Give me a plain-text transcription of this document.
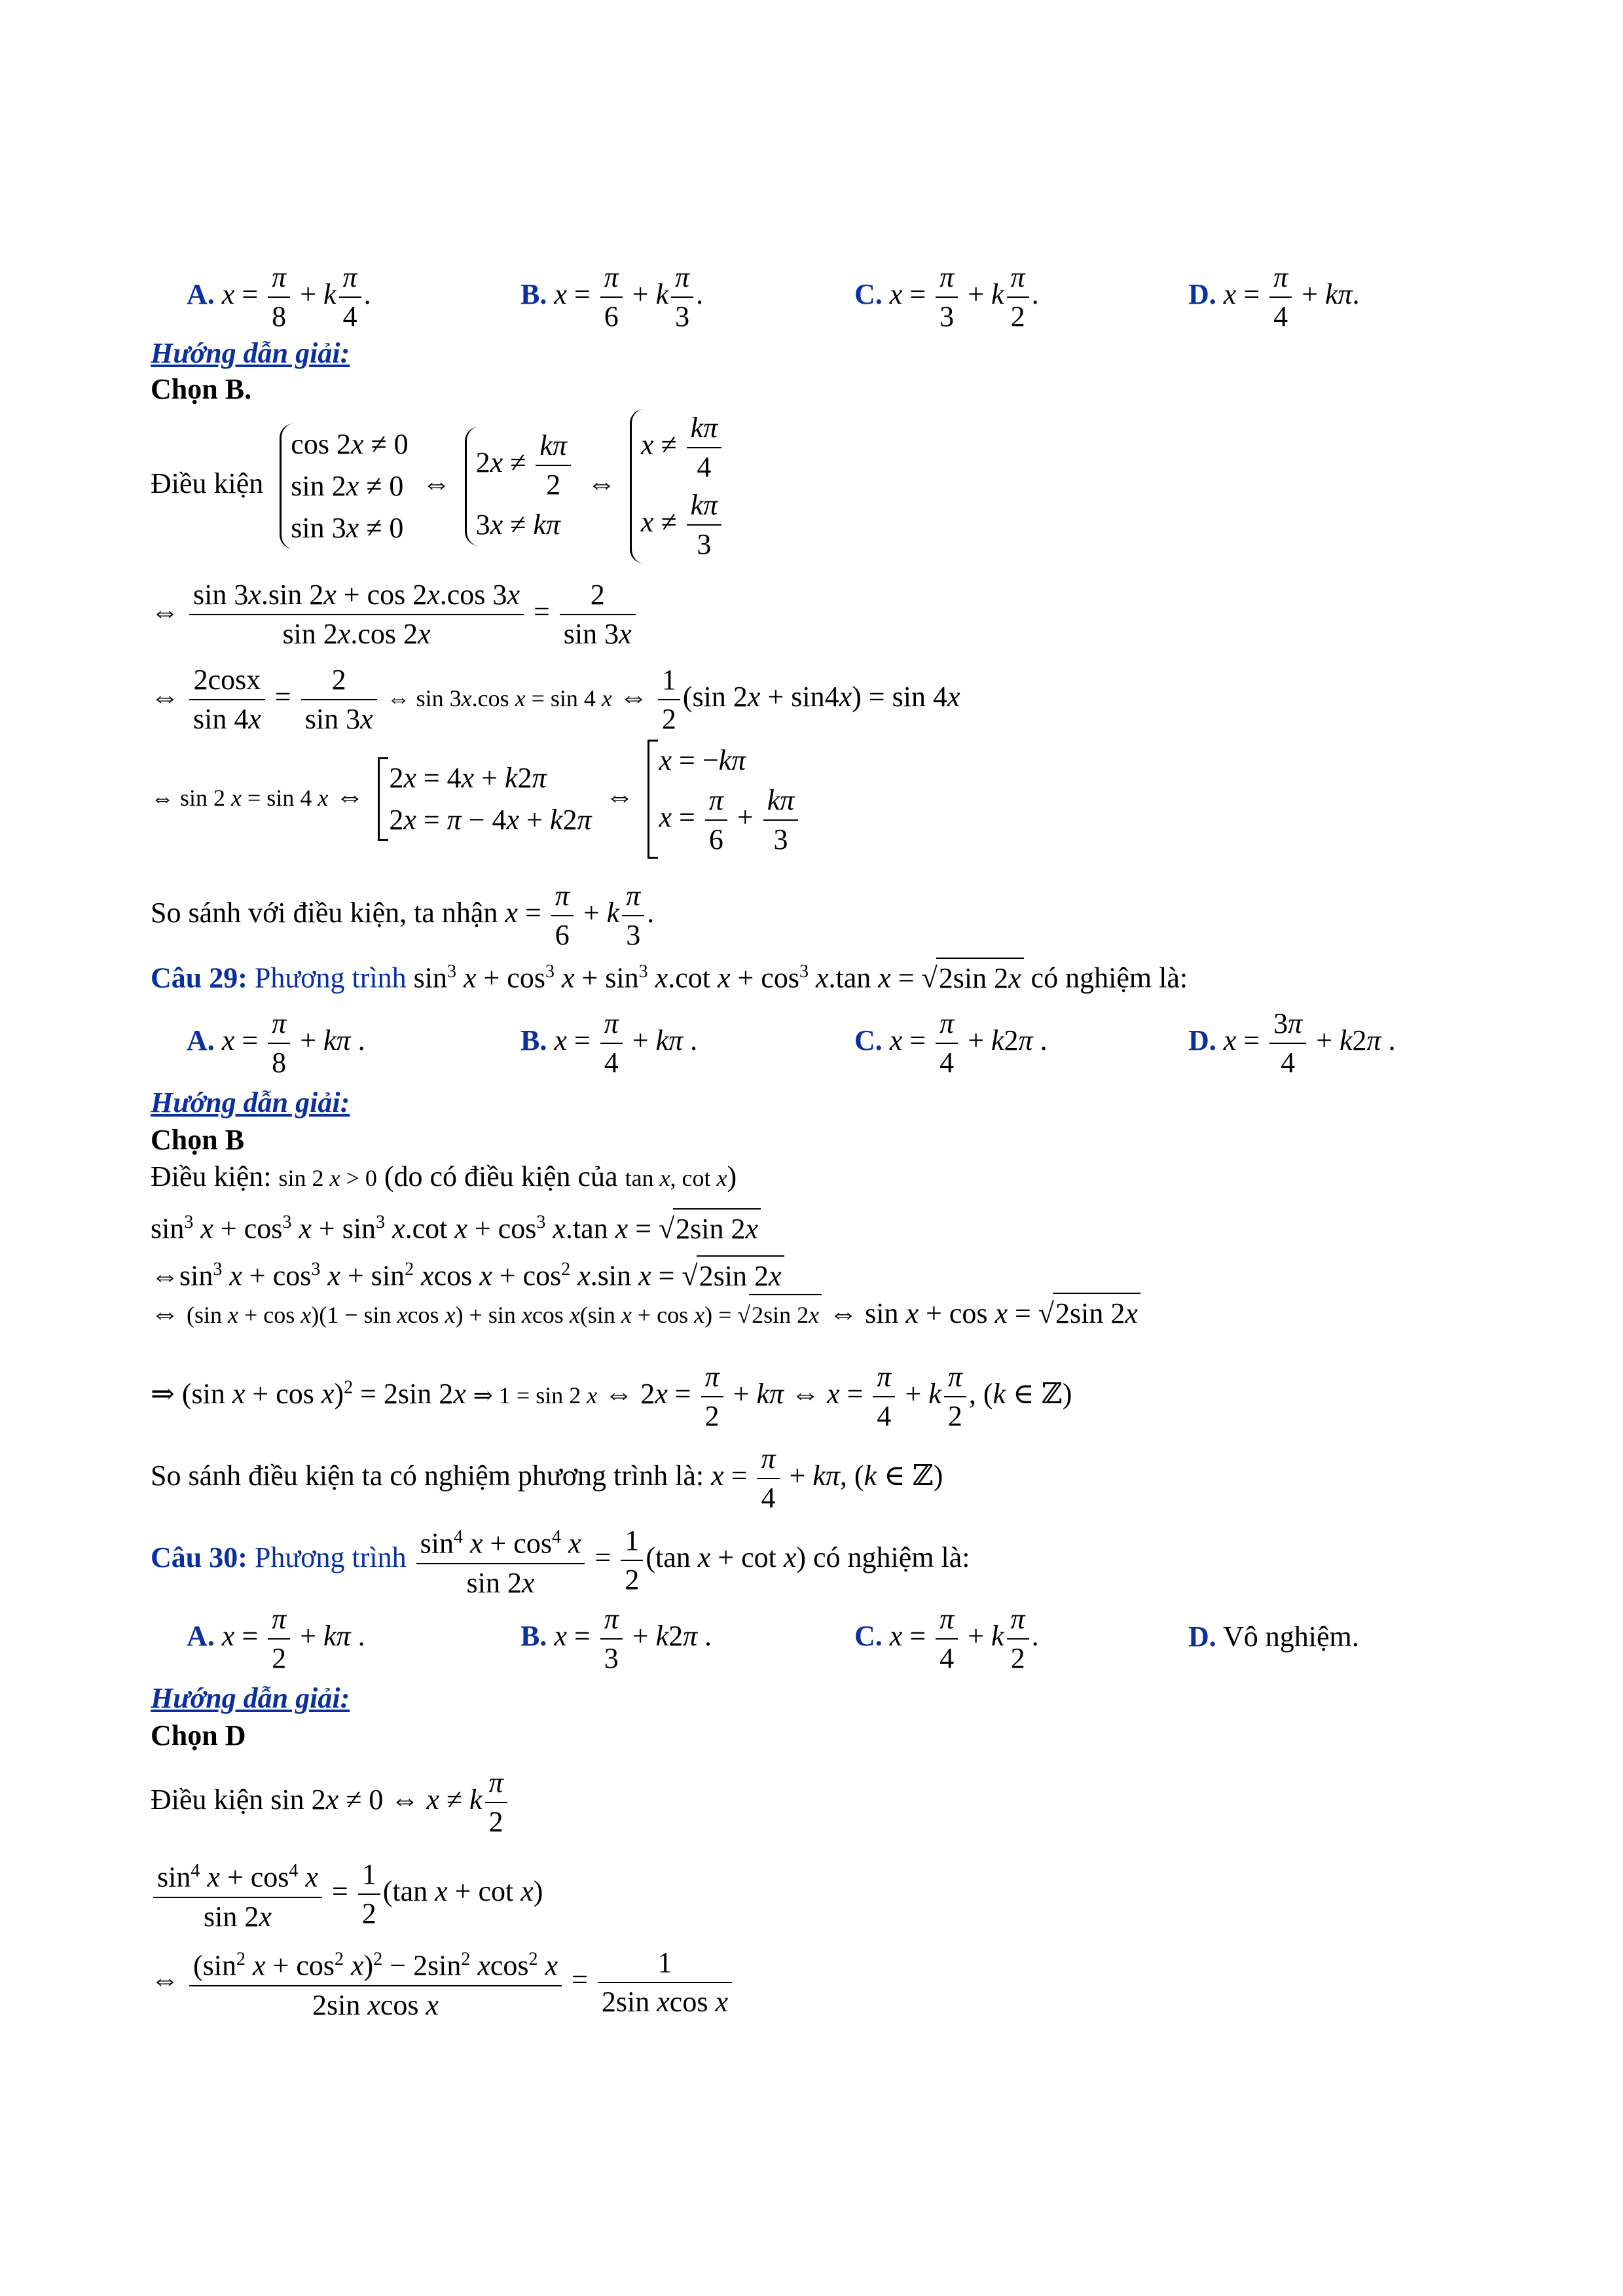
A. $x = \frac{\pi}{8} + k \frac{\pi}{4}$ .	B. $x = \frac{\pi}{6} + k \frac{\pi}{3}$ .	C. $x = \frac{\pi}{3} + k \frac{\pi}{2}$ .	D. $x = \frac{\pi}{4} + k\pi$.
Hướng dẫn giải:
Chọn B.
Điều kiện
cos 2x ≠ 0
sin 2x ≠ 0
sin 3x ≠ 0
⇔
$2x \ne \frac{k\pi}{2}$
3x ≠ kπ
⇔
$x \ne \frac{k\pi}{4}$
$x \ne \frac{k\pi}{3}$
⇔ $\frac{\sin 3x.\sin 2x + \cos 2x.\cos 3x}{\sin 2x.\cos 2x} = \frac{2}{\sin 3x}$
⇔ $\frac{2\cos x}{\sin 4x} = \frac{2}{\sin 3x}$ ⇔ sin 3x.cos x = sin 4 x ⇔ $\frac{1}{2} (\sin$ 2x + sin4x) = sin 4x
⇔ sin 2 x = sin 4 x ⇔
2x = 4x + k2π
2x = π − 4x + k2π
⇔
x = −kπ
$x = \frac{\pi}{6} + \frac{k\pi}{3}$
So sánh với điều kiện, ta nhận $x = \frac{\pi}{6} + k \frac{\pi}{3}$ .
Câu 29: Phương trình $\sin^3 x + \cos^3 x + \sin^3 x.\cot$ $x + \cos^3 x.\tan$ x = √2sin 2x có nghiệm là:
A. $x = \frac{\pi}{8} + k\pi$ .	B. $x = \frac{\pi}{4} + k\pi$ .	C. $x = \frac{\pi}{4} + k2\pi$ .	D. $x = \frac{3\pi}{4} + k2\pi$ .
Hướng dẫn giải:
Chọn B
Điều kiện: sin 2 x > 0 (do có điều kiện của tan x, cot x)
$\sin^3 x + \cos^3 x + \sin^3 x.\cot$ $x + \cos^3 x.\tan$ x = √2sin 2x
$\Leftrightarrow\sin^3$ $x + \cos^3 x + \sin^2 xcos$ $x + \cos^2 x.\sin$ x = √2sin 2x
⇔ (sin x + cos x)(1 − sin xcos x) + sin xcos x(sin x + cos x) = √2sin 2x ⇔ sin x + cos x = √2sin 2x
⇒ (sin x + cos x)$^2$ = 2sin 2x ⇒ 1 = sin 2 x ⇔ $2x = \frac{\pi}{2} + k\pi$ ⇔ $x = \frac{\pi}{4} + k \frac{\pi}{2}$ , (k ∈ ℤ)
So sánh điều kiện ta có nghiệm phương trình là: $x = \frac{\pi}{4} + k\pi$, (k ∈ ℤ)
Câu 30: Phương trình $\frac{\sin^4 x + \cos^4 x}{\sin 2x} = \frac{1}{2} (\tan$ x + cot x) có nghiệm là:
A. $x = \frac{\pi}{2} + k\pi$ .	B. $x = \frac{\pi}{3} + k2\pi$ .	C. $x = \frac{\pi}{4} + k \frac{\pi}{2}$ .	D. Vô nghiệm.
Hướng dẫn giải:
Chọn D
Điều kiện sin 2x ≠ 0 ⇔ x ≠ k $\frac{\pi}{2}$
$\frac{\sin^4 x + \cos^4 x}{\sin 2x} = \frac{1}{2} (\tan$ x + cot x)
⇔ $\frac{(\sin^2 x + \cos^2 x)^2 - 2\sin^2 xcos^2 x}{\text{2sin xcos x}} = \frac{1}{\text{2sin xcos x}}$
